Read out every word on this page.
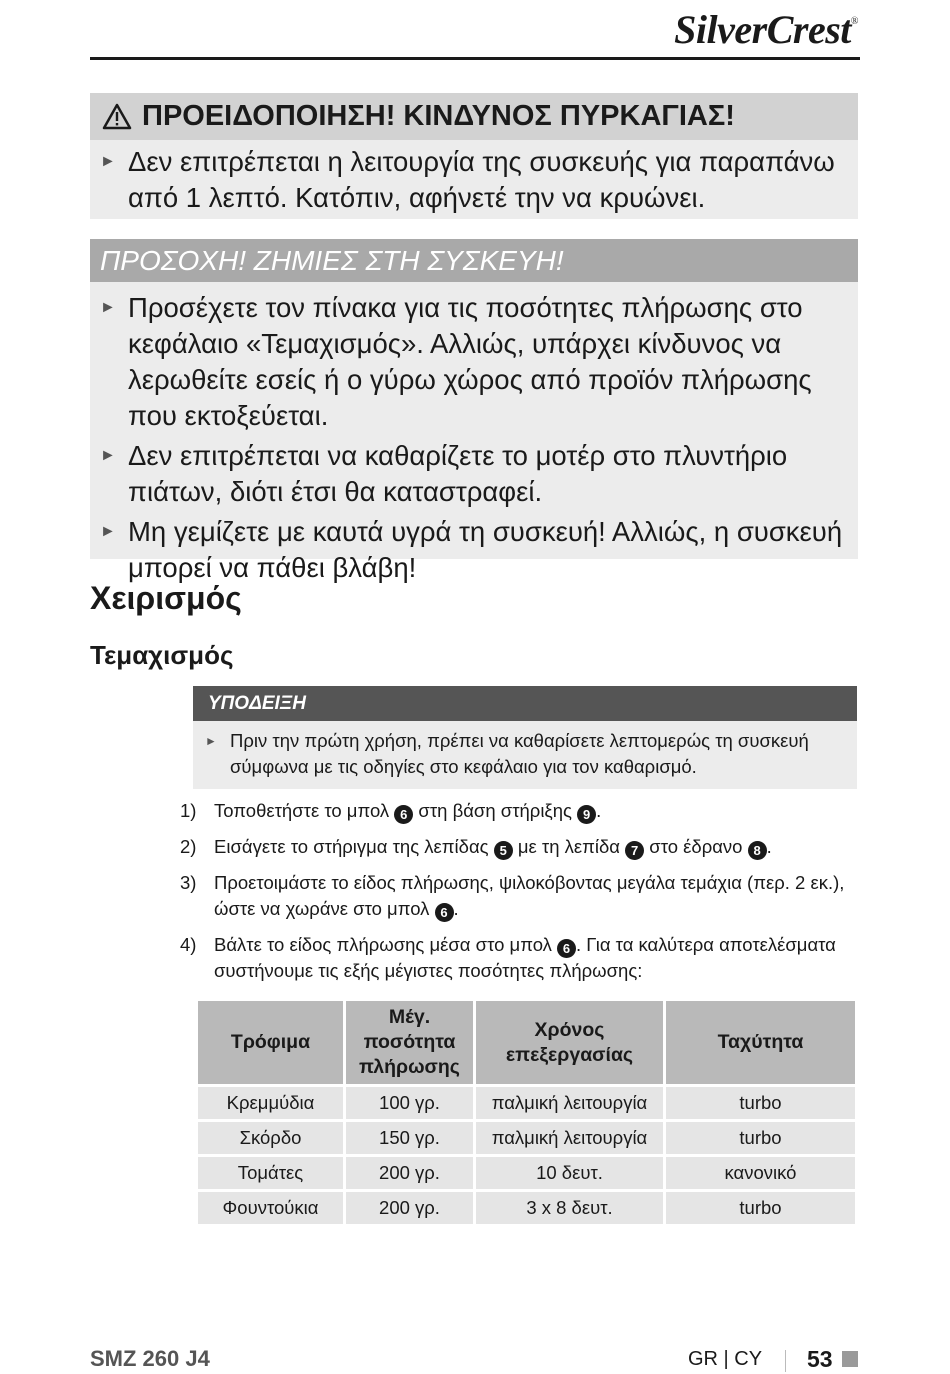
SilverCrest®
ΠΡΟΕΙΔΟΠΟΙΗΣΗ! ΚΙΝΔΥΝΟΣ ΠΥΡΚΑΓΙΑΣ!
► Δεν επιτρέπεται η λειτουργία της συσκευής για παραπάνω από 1 λεπτό. Κατόπιν, αφήνετέ την να κρυώνει.
ΠΡΟΣΟΧΗ! ΖΗΜΙΕΣ ΣΤΗ ΣΥΣΚΕΥΗ!
► Προσέχετε τον πίνακα για τις ποσότητες πλήρωσης στο κεφάλαιο «Τεμαχισμός». Αλλιώς, υπάρχει κίνδυνος να λερωθείτε εσείς ή ο γύρω χώρος από προϊόν πλήρωσης που εκτοξεύεται.
► Δεν επιτρέπεται να καθαρίζετε το μοτέρ στο πλυντήριο πιάτων, διότι έτσι θα καταστραφεί.
► Μη γεμίζετε με καυτά υγρά τη συσκευή! Αλλιώς, η συσκευή μπορεί να πάθει βλάβη!
Χειρισμός
Τεμαχισμός
ΥΠΟΔΕΙΞΗ
► Πριν την πρώτη χρήση, πρέπει να καθαρίσετε λεπτομερώς τη συσκευή σύμφωνα με τις οδηγίες στο κεφάλαιο για τον καθαρισμό.
1) Τοποθετήστε το μπολ 6 στη βάση στήριξης 9 .
2) Εισάγετε το στήριγμα της λεπίδας 5 με τη λεπίδα 7 στο έδρανο 8 .
3) Προετοιμάστε το είδος πλήρωσης, ψιλοκόβοντας μεγάλα τεμάχια (περ. 2 εκ.), ώστε να χωράνε στο μπολ 6 .
4) Βάλτε το είδος πλήρωσης μέσα στο μπολ 6 . Για τα καλύτερα αποτελέσματα συστήνουμε τις εξής μέγιστες ποσότητες πλήρωσης:
Τρόφιμα	Μέγ. ποσότητα πλήρωσης	Χρόνος επεξεργασίας	Ταχύτητα
Κρεμμύδια	100 γρ.	παλμική λειτουργία	turbo
Σκόρδο	150 γρ.	παλμική λειτουργία	turbo
Τομάτες	200 γρ.	10 δευτ.	κανονικό
Φουντούκια	200 γρ.	3 x 8 δευτ.	turbo
SMZ 260 J4	GR | CY 53
